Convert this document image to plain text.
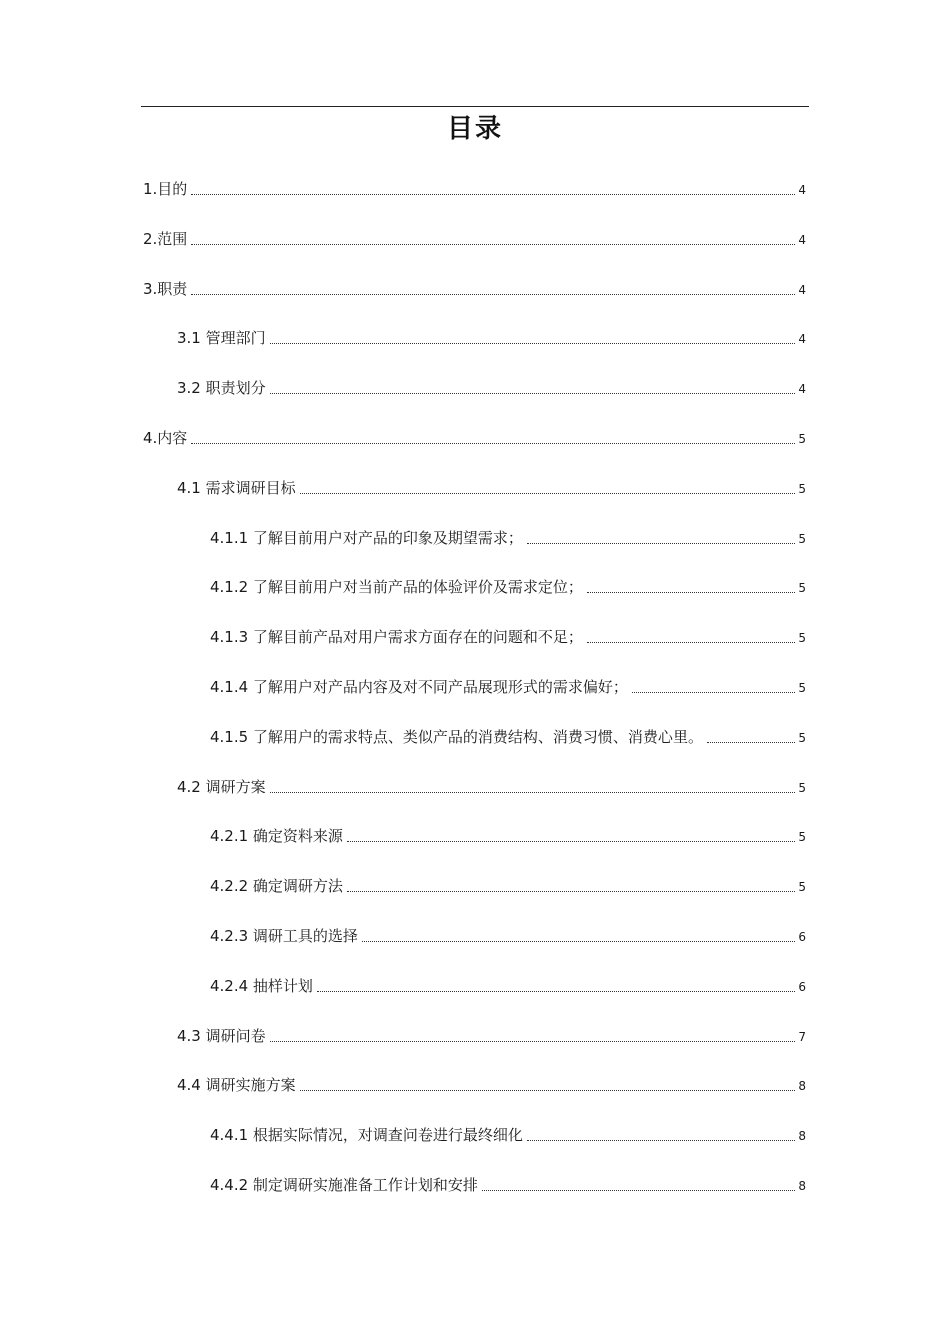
目录
1.目的	4
2.范围	4
3.职责	4
3.1 管理部门	4
3.2 职责划分	4
4.内容	5
4.1 需求调研目标	5
4.1.1 了解目前用户对产品的印象及期望需求；	5
4.1.2 了解目前用户对当前产品的体验评价及需求定位；	5
4.1.3 了解目前产品对用户需求方面存在的问题和不足；	5
4.1.4 了解用户对产品内容及对不同产品展现形式的需求偏好；	5
4.1.5 了解用户的需求特点、类似产品的消费结构、消费习惯、消费心里。	5
4.2 调研方案	5
4.2.1 确定资料来源	5
4.2.2 确定调研方法	5
4.2.3 调研工具的选择	6
4.2.4 抽样计划	6
4.3 调研问卷	7
4.4 调研实施方案	8
4.4.1 根据实际情况，对调查问卷进行最终细化	8
4.4.2 制定调研实施准备工作计划和安排	8
